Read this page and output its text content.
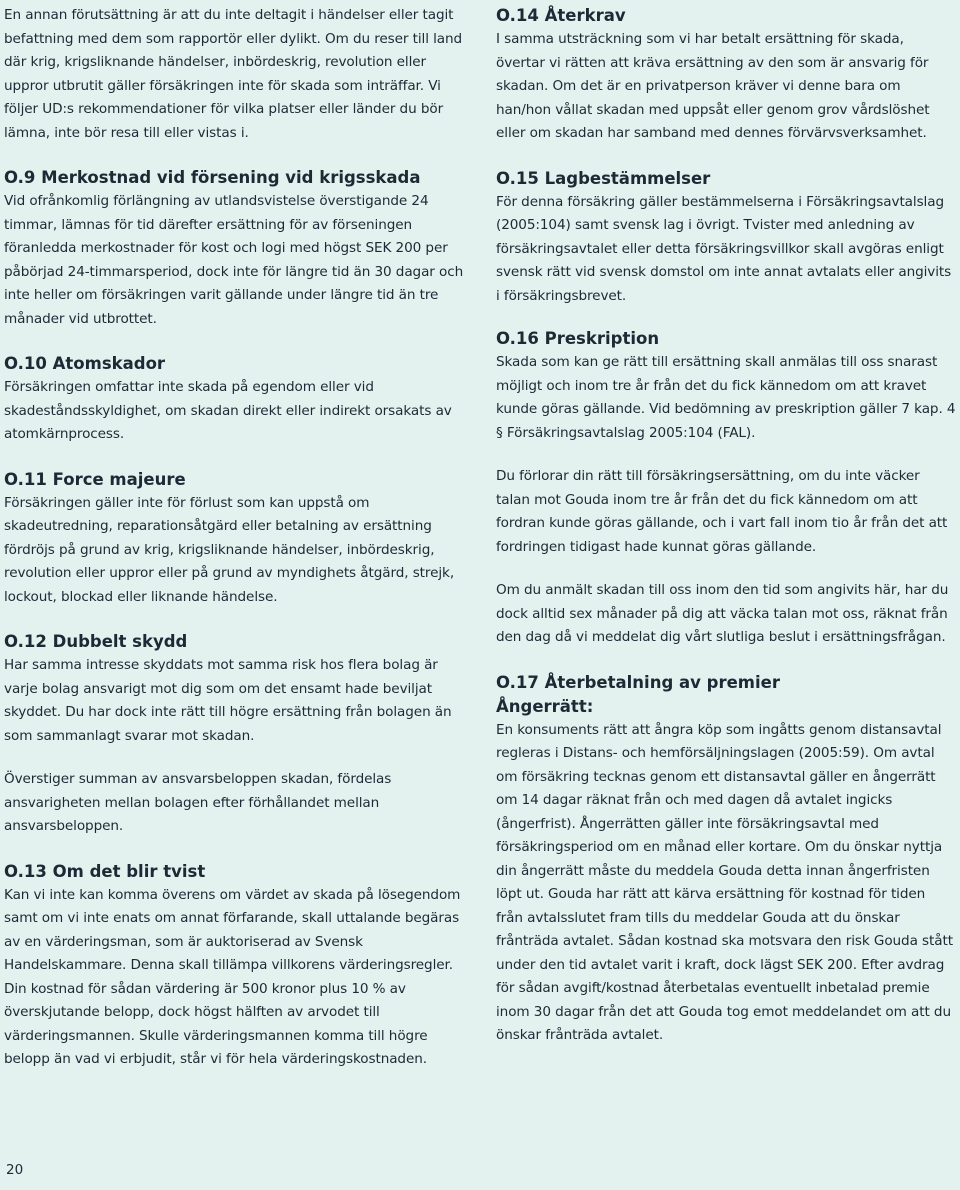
En annan förutsättning är att du inte deltagit i händelser eller tagit befattning med dem som rapportör eller dylikt. Om du reser till land där krig, krigsliknande händelser, inbördeskrig, revolution eller uppror utbrutit gäller försäkringen inte för skada som inträffar. Vi följer UD:s rekommendationer för vilka platser eller länder du bör lämna, inte bör resa till eller vistas i.

O.9 Merkostnad vid försening vid krigsskada

Vid ofrånkomlig förlängning av utlandsvistelse överstigande 24 timmar, lämnas för tid därefter ersättning för av förseningen föranledda merkostnader för kost och logi med högst SEK 200 per påbörjad 24-timmarsperiod, dock inte för längre tid än 30 dagar och inte heller om försäkringen varit gällande under längre tid än tre månader vid utbrottet.

O.10 Atomskador

Försäkringen omfattar inte skada på egendom eller vid skadeståndsskyldighet, om skadan direkt eller indirekt orsakats av atomkärnprocess.

O.11 Force majeure

Försäkringen gäller inte för förlust som kan uppstå om skadeutredning, reparationsåtgärd eller betalning av ersättning fördröjs på grund av krig, krigsliknande händelser, inbördeskrig, revolution eller uppror eller på grund av myndighets åtgärd, strejk, lockout, blockad eller liknande händelse.

O.12 Dubbelt skydd

Har samma intresse skyddats mot samma risk hos flera bolag är varje bolag ansvarigt mot dig som om det ensamt hade beviljat skyddet. Du har dock inte rätt till högre ersättning från bolagen än som sammanlagt svarar mot skadan.

Överstiger summan av ansvarsbeloppen skadan, fördelas ansvarigheten mellan bolagen efter förhållandet mellan ansvarsbeloppen.

O.13 Om det blir tvist

Kan vi inte kan komma överens om värdet av skada på lösegendom samt om vi inte enats om annat förfarande, skall uttalande begäras av en värderingsman, som är auktoriserad av Svensk Handelskammare. Denna skall tillämpa villkorens värderingsregler. Din kostnad för sådan värdering är 500 kronor plus 10 % av överskjutande belopp, dock högst hälften av arvodet till värderingsmannen. Skulle värderingsmannen komma till högre belopp än vad vi erbjudit, står vi för hela värderingskostnaden.

O.14 Återkrav

I samma utsträckning som vi har betalt ersättning för skada, övertar vi rätten att kräva ersättning av den som är ansvarig för skadan. Om det är en privatperson kräver vi denne bara om han/hon vållat skadan med uppsåt eller genom grov vårdslöshet eller om skadan har samband med dennes förvärvsverksamhet.

O.15 Lagbestämmelser

För denna försäkring gäller bestämmelserna i Försäkringsavtalslag (2005:104) samt svensk lag i övrigt. Tvister med anledning av försäkringsavtalet eller detta försäkringsvillkor skall avgöras enligt svensk rätt vid svensk domstol om inte annat avtalats eller angivits i försäkringsbrevet.

O.16 Preskription

Skada som kan ge rätt till ersättning skall anmälas till oss snarast möjligt och inom tre år från det du fick kännedom om att kravet kunde göras gällande. Vid bedömning av preskription gäller 7 kap. 4 § Försäkringsavtalslag 2005:104 (FAL).

Du förlorar din rätt till försäkringsersättning, om du inte väcker talan mot Gouda inom tre år från det du fick kännedom om att fordran kunde göras gällande, och i vart fall inom tio år från det att fordringen tidigast hade kunnat göras gällande.

Om du anmält skadan till oss inom den tid som angivits här, har du dock alltid sex månader på dig att väcka talan mot oss, räknat från den dag då vi meddelat dig vårt slutliga beslut i ersättningsfrågan.

O.17 Återbetalning av premier
Ångerrätt:

En konsuments rätt att ångra köp som ingåtts genom distansavtal regleras i Distans- och hemförsäljningslagen (2005:59). Om avtal om försäkring tecknas genom ett distansavtal gäller en ångerrätt om 14 dagar räknat från och med dagen då avtalet ingicks (ångerfrist). Ångerrätten gäller inte försäkringsavtal med försäkringsperiod om en månad eller kortare. Om du önskar nyttja din ångerrätt måste du meddela Gouda detta innan ångerfristen löpt ut. Gouda har rätt att kärva ersättning för kostnad för tiden från avtalsslutet fram tills du meddelar Gouda att du önskar frånträda avtalet. Sådan kostnad ska motsvara den risk Gouda stått under den tid avtalet varit i kraft, dock lägst SEK 200. Efter avdrag för sådan avgift/kostnad återbetalas eventuellt inbetalad premie inom 30 dagar från det att Gouda tog emot meddelandet om att du önskar frånträda avtalet.

20
